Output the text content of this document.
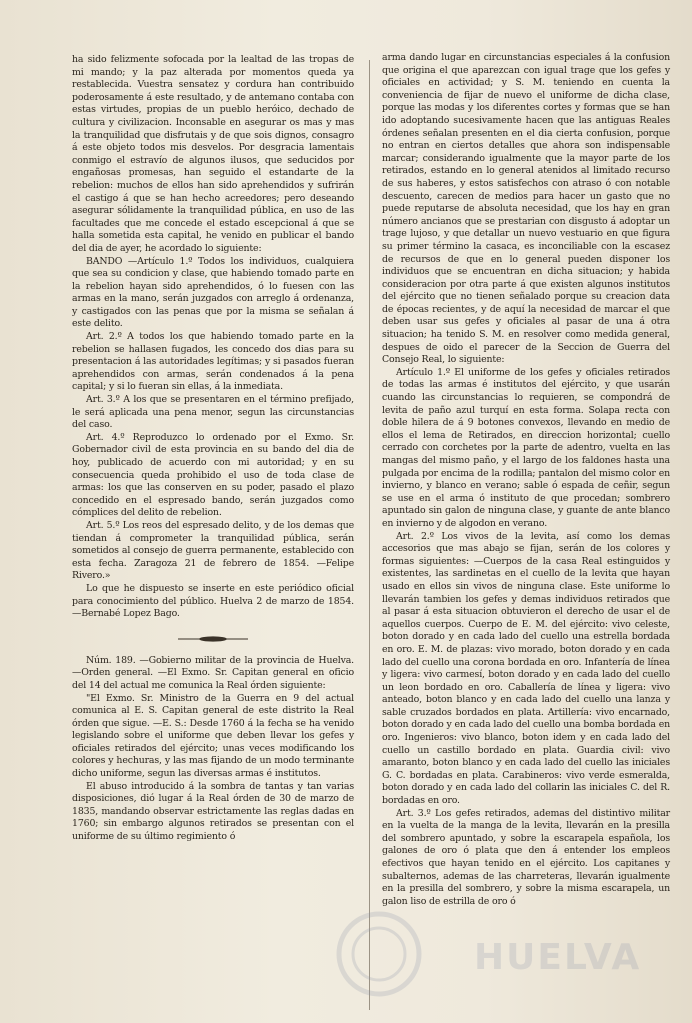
ha sido felizmente sofocada por la lealtad de las tropas de mi mando; y la paz alterada por momentos queda ya restablecida. Vuestra sensatez y cordura han contribuido poderosamente á este resultado, y de antemano contaba con estas virtudes, propias de un pueblo heróico, dechado de cultura y civilizacion. Inconsable en asegurar os mas y mas la tranquilidad que disfrutais y de que sois dignos, consagro á este objeto todos mis desvelos. Por desgracia lamentais conmigo el estravío de algunos ilusos, que seducidos por engañosas promesas, han seguido el estandarte de la rebelion: muchos de ellos han sido aprehendidos y sufrirán el castigo á que se han hecho acreedores; pero deseando asegurar sólidamente la tranquilidad pública, en uso de las facultades que me concede el estado escepcional á que se halla sometida esta capital, he venido en publicar el bando del dia de ayer, he acordado lo siguiente:

BANDO —Artículo 1.º Todos los individuos, cualquiera que sea su condicion y clase, que habiendo tomado parte en la rebelion hayan sido aprehendidos, ó lo fuesen con las armas en la mano, serán juzgados con arreglo á ordenanza, y castigados con las penas que por la misma se señalan á este delito.

Art. 2.º A todos los que habiendo tomado parte en la rebelion se hallasen fugados, les concedo dos dias para su presentacion á las autoridades legítimas; y si pasados fueran aprehendidos con armas, serán condenados á la pena capital; y si lo fueran sin ellas, á la inmediata.

Art. 3.º A los que se presentaren en el término prefijado, le será aplicada una pena menor, segun las circunstancias del caso.

Art. 4.º Reproduzco lo ordenado por el Exmo. Sr. Gobernador civil de esta provincia en su bando del dia de hoy, publicado de acuerdo con mi autoridad; y en su consecuencia queda prohibido el uso de toda clase de armas: los que las conserven en su poder, pasado el plazo concedido en el espresado bando, serán juzgados como cómplices del delito de rebelion.

Art. 5.º Los reos del espresado delito, y de los demas que tiendan á comprometer la tranquilidad pública, serán sometidos al consejo de guerra permanente, establecido con esta fecha. Zaragoza 21 de febrero de 1854. —Felipe Rivero.»

Lo que he dispuesto se inserte en este periódico oficial para conocimiento del público. Huelva 2 de marzo de 1854. —Bernabé Lopez Bago.

Núm. 189. —Gobierno militar de la provincia de Huelva. —Orden general. —El Exmo. Sr. Capitan general en oficio del 14 del actual me comunica la Real órden siguiente:

"El Exmo. Sr. Ministro de la Guerra en 9 del actual comunica al E. S. Capitan general de este distrito la Real órden que sigue. —E. S.: Desde 1760 á la fecha se ha venido legislando sobre el uniforme que deben llevar los gefes y oficiales retirados del ejército; unas veces modificando los colores y hechuras, y las mas fijando de un modo terminante dicho uniforme, segun las diversas armas é institutos.

El abuso introducido á la sombra de tantas y tan varias disposiciones, dió lugar á la Real órden de 30 de marzo de 1835, mandando observar estrictamente las reglas dadas en 1760; sin embargo algunos retirados se presentan con el uniforme de su último regimiento ó

arma dando lugar en circunstancias especiales á la confusion que origina el que aparezcan con igual trage que los gefes y oficiales en actividad; y S. M. teniendo en cuenta la conveniencia de fijar de nuevo el uniforme de dicha clase, porque las modas y los diferentes cortes y formas que se han ido adoptando sucesivamente hacen que las antiguas Reales órdenes señalan presenten en el dia cierta confusion, porque no entran en ciertos detalles que ahora son indispensable marcar; considerando igualmente que la mayor parte de los retirados, estando en lo general atenidos al limitado recurso de sus haberes, y estos satisfechos con atraso ó con notable descuento, carecen de medios para hacer un gasto que no puede reputarse de absoluta necesidad, que los hay en gran número ancianos que se prestarian con disgusto á adoptar un trage lujoso, y que detallar un nuevo vestuario en que figura su primer término la casaca, es inconciliable con la escasez de recursos de que en lo general pueden disponer los individuos que se encuentran en dicha situacion; y habida consideracion por otra parte á que existen algunos institutos del ejército que no tienen señalado porque su creacion data de épocas recientes, y de aquí la necesidad de marcar el que deben usar sus gefes y oficiales al pasar de una á otra situacion; ha tenido S. M. en resolver como medida general, despues de oido el parecer de la Seccion de Guerra del Consejo Real, lo siguiente:

Artículo 1.º El uniforme de los gefes y oficiales retirados de todas las armas é institutos del ejército, y que usarán cuando las circunstancias lo requieren, se compondrá de levita de paño azul turquí en esta forma. Solapa recta con doble hilera de á 9 botones convexos, llevando en medio de ellos el lema de Retirados, en direccion horizontal; cuello cerrado con corchetes por la parte de adentro, vuelta en las mangas del mismo paño, y el largo de los faldones hasta una pulgada por encima de la rodilla; pantalon del mismo color en invierno, y blanco en verano; sable ó espada de ceñir, segun se use en el arma ó instituto de que procedan; sombrero apuntado sin galon de ninguna clase, y guante de ante blanco en invierno y de algodon en verano.

Art. 2.º Los vivos de la levita, así como los demas accesorios que mas abajo se fijan, serán de los colores y formas siguientes: —Cuerpos de la casa Real estinguidos y existentes, las sardinetas en el cuello de la levita que hayan usado en ellos sin vivos de ninguna clase. Este uniforme lo llevarán tambien los gefes y demas individuos retirados que al pasar á esta situacion obtuvieron el derecho de usar el de aquellos cuerpos. Cuerpo de E. M. del ejército: vivo celeste, boton dorado y en cada lado del cuello una estrella bordada en oro. E. M. de plazas: vivo morado, boton dorado y en cada lado del cuello una corona bordada en oro. Infantería de línea y ligera: vivo carmesí, boton dorado y en cada lado del cuello un leon bordado en oro. Caballería de línea y ligera: vivo anteado, boton blanco y en cada lado del cuello una lanza y sable cruzados bordados en plata. Artillería: vivo encarnado, boton dorado y en cada lado del cuello una bomba bordada en oro. Ingenieros: vivo blanco, boton idem y en cada lado del cuello un castillo bordado en plata. Guardia civil: vivo amaranto, boton blanco y en cada lado del cuello las iniciales G. C. bordadas en plata. Carabineros: vivo verde esmeralda, boton dorado y en cada lado del collarin las iniciales C. del R. bordadas en oro.

Art. 3.º Los gefes retirados, ademas del distintivo militar en la vuelta de la manga de la levita, llevarán en la presilla del sombrero apuntado, y sobre la escarapela española, los galones de oro ó plata que den á entender los empleos efectivos que hayan tenido en el ejército. Los capitanes y subalternos, ademas de las charreteras, llevarán igualmente en la presilla del sombrero, y sobre la misma escarapela, un galon liso de estrilla de oro ó

HUELVA
